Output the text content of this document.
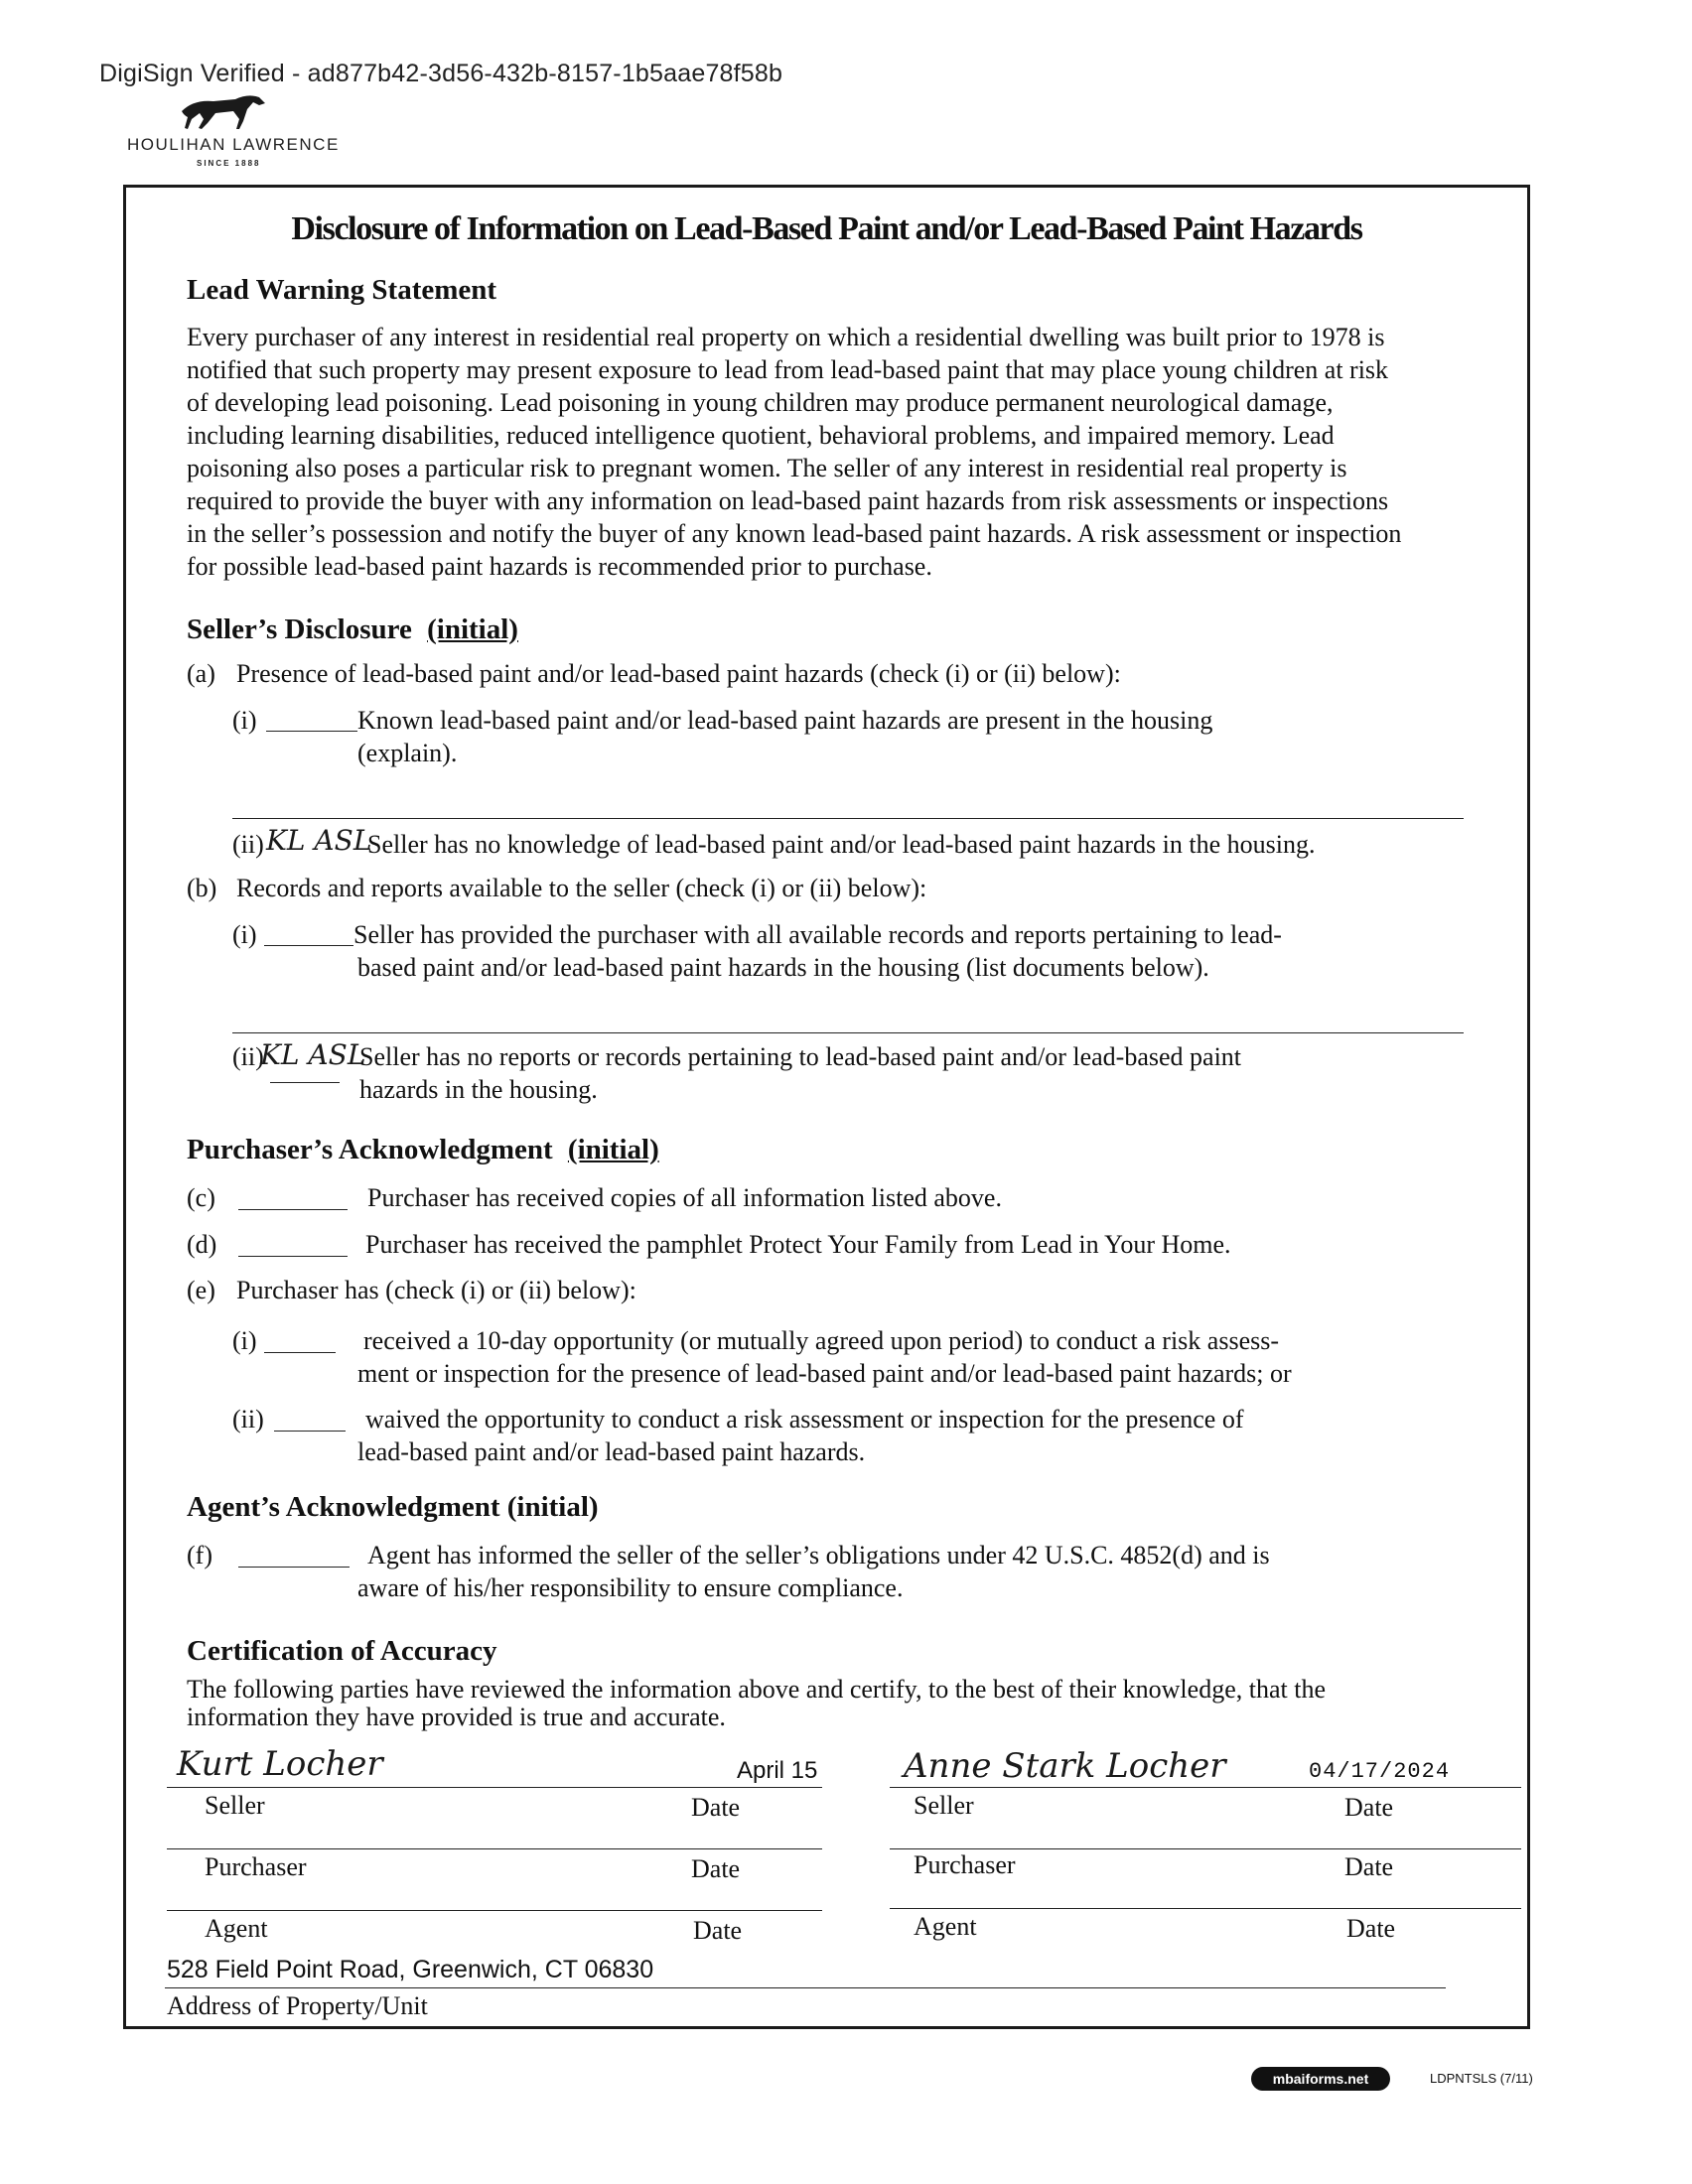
DigiSign Verified - ad877b42-3d56-432b-8157-1b5aae78f58b
HOULIHAN LAWRENCE
SINCE 1888
Disclosure of Information on Lead-Based Paint and/or Lead-Based Paint Hazards
Lead Warning Statement
Every purchaser of any interest in residential real property on which a residential dwelling was built prior to 1978 is
notified that such property may present exposure to lead from lead-based paint that may place young children at risk
of developing lead poisoning. Lead poisoning in young children may produce permanent neurological damage,
including learning disabilities, reduced intelligence quotient, behavioral problems, and impaired memory. Lead
poisoning also poses a particular risk to pregnant women. The seller of any interest in residential real property is
required to provide the buyer with any information on lead-based paint hazards from risk assessments or inspections
in the seller’s possession and notify the buyer of any known lead-based paint hazards. A risk assessment or inspection
for possible lead-based paint hazards is recommended prior to purchase.
Seller’s Disclosure (initial)
(a) Presence of lead-based paint and/or lead-based paint hazards (check (i) or (ii) below):
(i)	Known lead-based paint and/or lead-based paint hazards are present in the housing
(explain).
(ii) KL ASL
Seller has no knowledge of lead-based paint and/or lead-based paint hazards in the housing.
(b) Records and reports available to the seller (check (i) or (ii) below):
(i)	Seller has provided the purchaser with all available records and reports pertaining to lead-
based paint and/or lead-based paint hazards in the housing (list documents below).
(ii)
KL ASL
Seller has no reports or records pertaining to lead-based paint and/or lead-based paint
hazards in the housing.
Purchaser’s Acknowledgment (initial)
(c)	Purchaser has received copies of all information listed above.
(d)	Purchaser has received the pamphlet Protect Your Family from Lead in Your Home.
(e) Purchaser has (check (i) or (ii) below):
(i)	received a 10-day opportunity (or mutually agreed upon period) to conduct a risk assess-
ment or inspection for the presence of lead-based paint and/or lead-based paint hazards; or
(ii)	waived the opportunity to conduct a risk assessment or inspection for the presence of
lead-based paint and/or lead-based paint hazards.
Agent’s Acknowledgment (initial)
(f)	Agent has informed the seller of the seller’s obligations under 42 U.S.C. 4852(d) and is
aware of his/her responsibility to ensure compliance.
Certification of Accuracy
The following parties have reviewed the information above and certify, to the best of their knowledge, that the
information they have provided is true and accurate.
Kurt Locher	April 15
Seller	Date
Purchaser	Date
Agent	Date
Anne Stark Locher	04/17/2024
Seller	Date
Purchaser	Date
Agent	Date
528 Field Point Road, Greenwich, CT 06830
Address of Property/Unit
mbaiforms.net	LDPNTSLS (7/11)
